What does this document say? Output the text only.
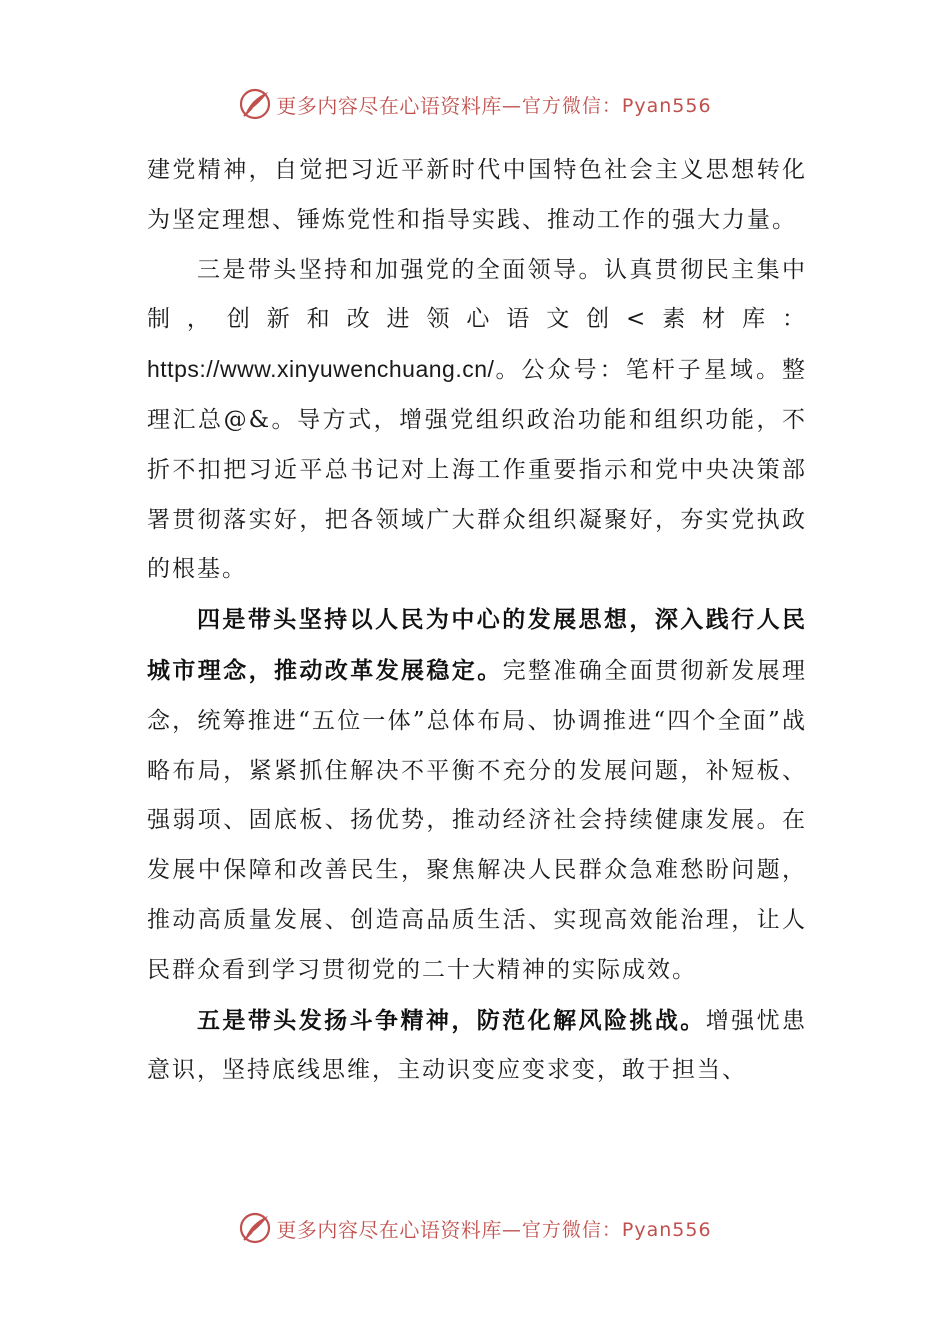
更多内容尽在心语资料库 —官方微信：Pyan556

建党精神，自觉把习近平新时代中国特色社会主义思想转化为坚定理想、锤炼党性和指导实践、推动工作的强大力量。

三是带头坚持和加强党的全面领导。认真贯彻民主集中制，创新和改进领心语文创<素材库：https://www.xinyuwenchuang.cn/。公众号：笔杆子星域。整理汇总@&。导方式，增强党组织政治功能和组织功能，不折不扣把习近平总书记对上海工作重要指示和党中央决策部署贯彻落实好，把各领域广大群众组织凝聚好，夯实党执政的根基。

四是带头坚持以人民为中心的发展思想，深入践行人民城市理念，推动改革发展稳定。完整准确全面贯彻新发展理念，统筹推进“五位一体”总体布局、协调推进“四个全面”战略布局，紧紧抓住解决不平衡不充分的发展问题，补短板、强弱项、固底板、扬优势，推动经济社会持续健康发展。在发展中保障和改善民生，聚焦解决人民群众急难愁盼问题，推动高质量发展、创造高品质生活、实现高效能治理，让人民群众看到学习贯彻党的二十大精神的实际成效。

五是带头发扬斗争精神，防范化解风险挑战。增强忧患意识，坚持底线思维，主动识变应变求变，敢于担当、

更多内容尽在心语资料库 —官方微信：Pyan556
